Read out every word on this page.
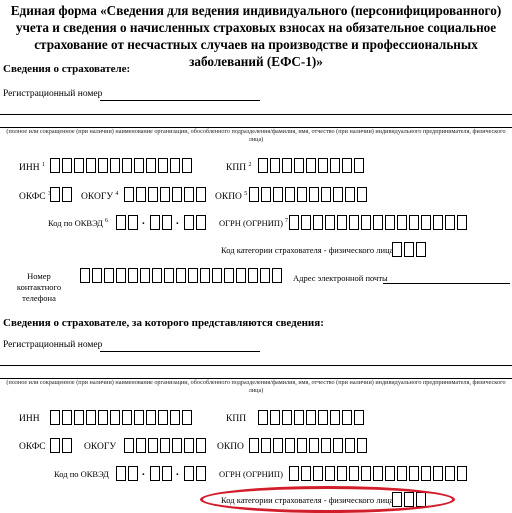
Единая форма «Сведения для ведения индивидуального (персонифицированного) учета и сведения о начисленных страховых взносах на обязательное социальное страхование от несчастных случаев на производстве и профессиональных заболеваний (ЕФС-1)»
Сведения о страхователе:
Регистрационный номер
(полное или сокращенное (при наличии) наименование организации, обособленного подразделения/фамилия, имя, отчество (при наличии) индивидуального предпринимателя, физического лица)
ИНН $^1$	КПП $^2$
ОКФС $^3$	ОКОГУ $^4$	ОКПО $^5$
Код по ОКВЭД $^6$	.	.	ОГРН (ОГРНИП) $^7$
Код категории страхователя - физического лица
Номер контактного телефона
Адрес электронной почты
Сведения о страхователе, за которого представляются сведения:
Регистрационный номер
(полное или сокращенное (при наличии) наименование организации, обособленного подразделения/фамилия, имя, отчество (при наличии) индивидуального предпринимателя, физического лица)
ИНН	КПП
ОКФС	ОКОГУ	ОКПО
Код по ОКВЭД	.	.	ОГРН (ОГРНИП)
Код категории страхователя - физического лица
